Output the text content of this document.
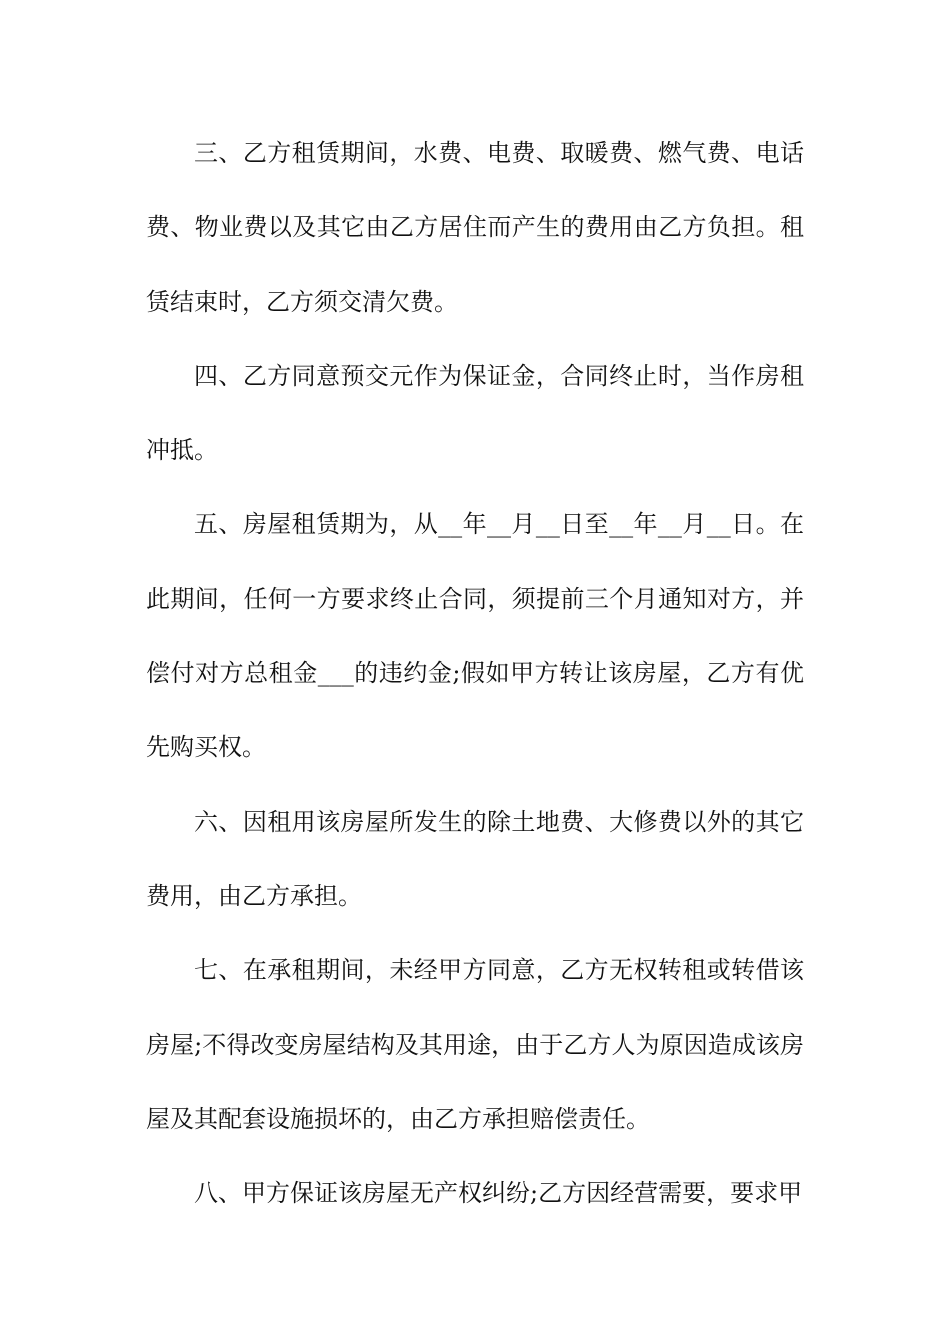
三、乙方租赁期间，水费、电费、取暖费、燃气费、电话费、物业费以及其它由乙方居住而产生的费用由乙方负担。租赁结束时，乙方须交清欠费。

四、乙方同意预交元作为保证金，合同终止时，当作房租冲抵。

五、房屋租赁期为，从__年__月__日至__年__月__日。在此期间，任何一方要求终止合同，须提前三个月通知对方，并偿付对方总租金___的违约金;假如甲方转让该房屋，乙方有优先购买权。

六、因租用该房屋所发生的除土地费、大修费以外的其它费用，由乙方承担。

七、在承租期间，未经甲方同意，乙方无权转租或转借该房屋;不得改变房屋结构及其用途，由于乙方人为原因造成该房屋及其配套设施损坏的，由乙方承担赔偿责任。

八、甲方保证该房屋无产权纠纷;乙方因经营需要，要求甲
